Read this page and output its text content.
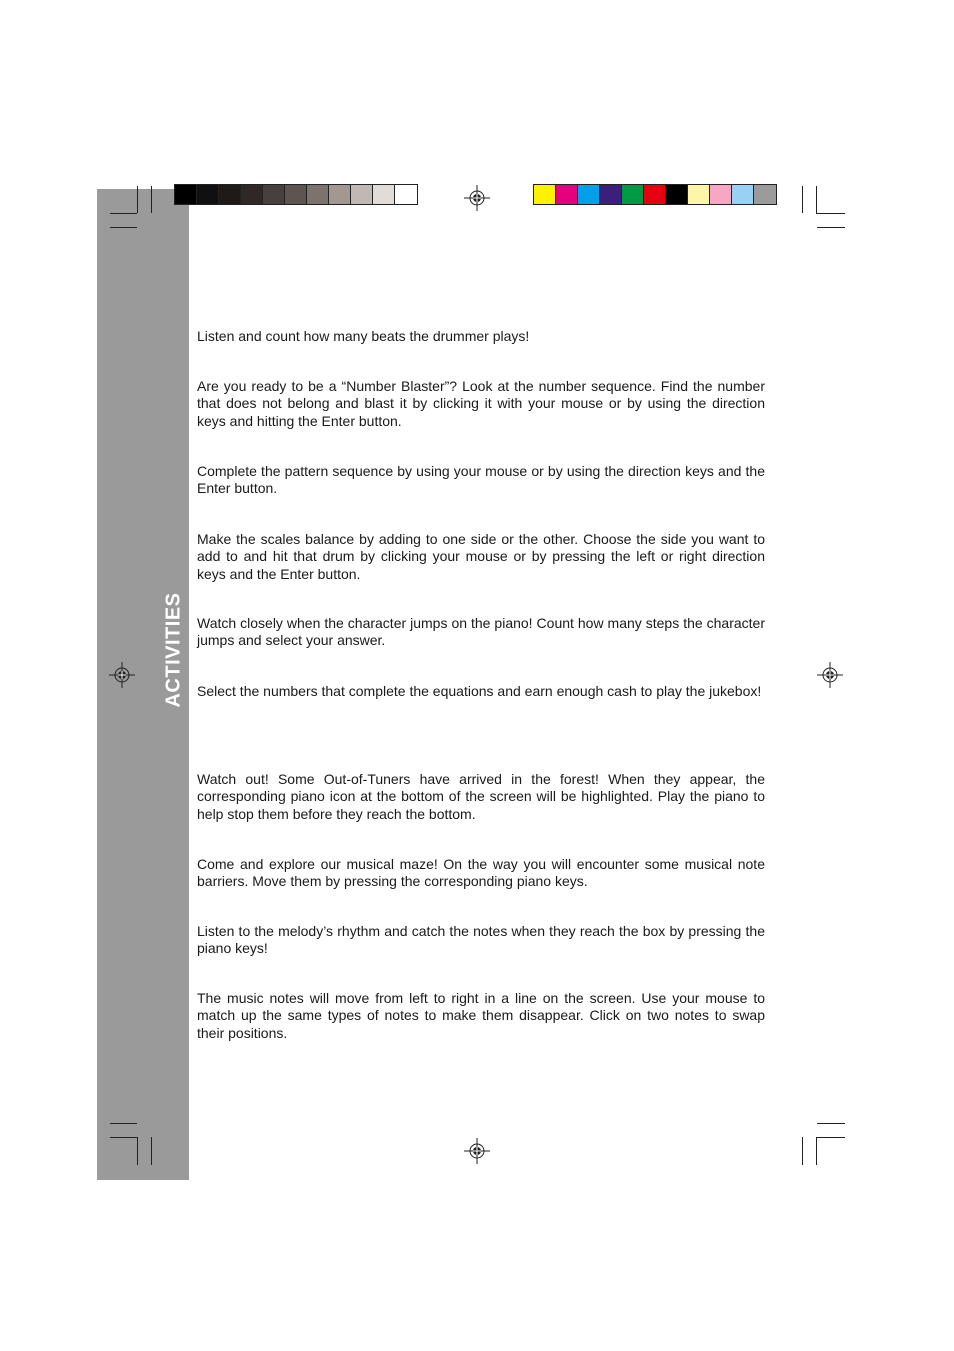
ACTIVITIES

Listen and count how many beats the drummer plays!

Are you ready to be a “Number Blaster”? Look at the number sequence. Find the number that does not belong and blast it by clicking it with your mouse or by using the direction keys and hitting the Enter button.

Complete the pattern sequence by using your mouse or by using the direction keys and the Enter button.

Make the scales balance by adding to one side or the other. Choose the side you want to add to and hit that drum by clicking your mouse or by pressing the left or right direction keys and the Enter button.

Watch closely when the character jumps on the piano! Count how many steps the character jumps and select your answer.

Select the numbers that complete the equations and earn enough cash to play the jukebox!

Watch out! Some Out-of-Tuners have arrived in the forest! When they appear, the corresponding piano icon at the bottom of the screen will be highlighted. Play the piano to help stop them before they reach the bottom.

Come and explore our musical maze! On the way you will encounter some musical note barriers. Move them by pressing the corresponding piano keys.

Listen to the melody’s rhythm and catch the notes when they reach the box by pressing the piano keys!

The music notes will move from left to right in a line on the screen. Use your mouse to match up the same types of notes to make them disappear. Click on two notes to swap their positions.
